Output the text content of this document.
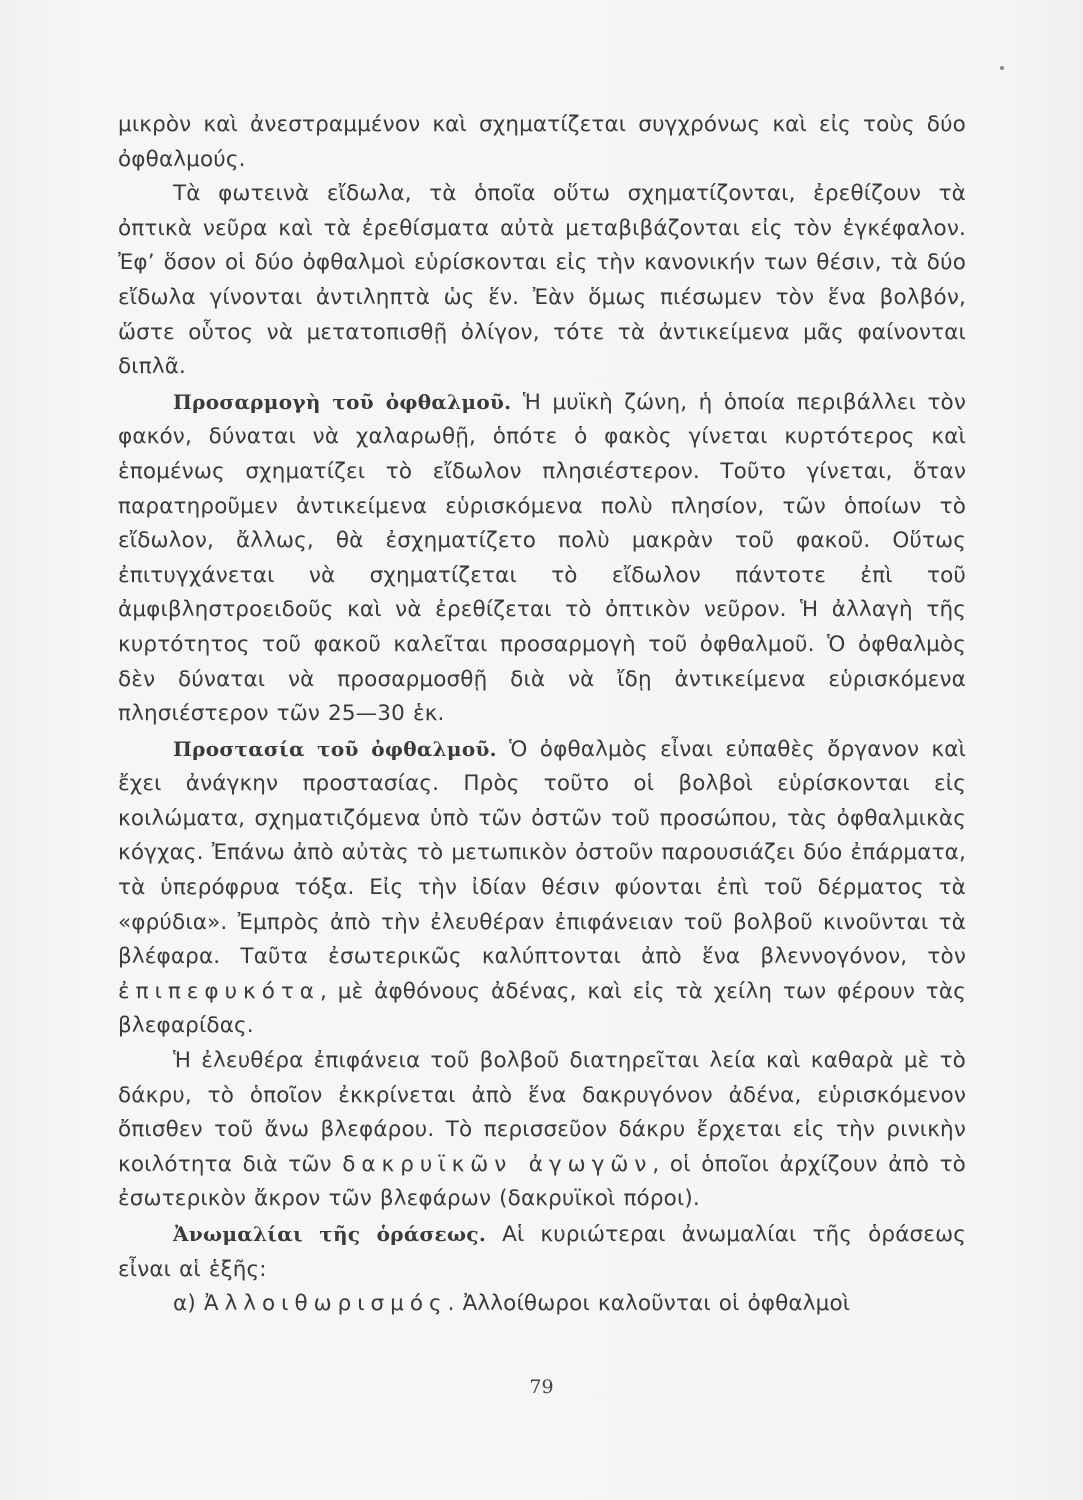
μικρὸν καὶ ἀνεστραμμένον καὶ σχηματίζεται συγχρόνως καὶ εἰς τοὺς δύο ὀφθαλμούς.

Τὰ φωτεινὰ εἴδωλα, τὰ ὁποῖα οὕτω σχηματίζονται, ἐρεθίζουν τὰ ὀπτικὰ νεῦρα καὶ τὰ ἐρεθίσματα αὐτὰ μεταβιβάζονται εἰς τὸν ἐγκέφαλον. Ἐφ’ ὅσον οἱ δύο ὀφθαλμοὶ εὑρίσκονται εἰς τὴν κανονικήν των θέσιν, τὰ δύο εἴδωλα γίνονται ἀντιληπτὰ ὡς ἕν. Ἐὰν ὅμως πιέσωμεν τὸν ἕνα βολβόν, ὥστε οὗτος νὰ μετατοπισθῇ ὀλίγον, τότε τὰ ἀντικείμενα μᾶς φαίνονται διπλᾶ.

Προσαρμογὴ τοῦ ὀφθαλμοῦ. Ἡ μυϊκὴ ζώνη, ἡ ὁποία περιβάλλει τὸν φακόν, δύναται νὰ χαλαρωθῇ, ὁπότε ὁ φακὸς γίνεται κυρτότερος καὶ ἑπομένως σχηματίζει τὸ εἴδωλον πλησιέστερον. Τοῦτο γίνεται, ὅταν παρατηροῦμεν ἀντικείμενα εὑρισκόμενα πολὺ πλησίον, τῶν ὁποίων τὸ εἴδωλον, ἄλλως, θὰ ἐσχηματίζετο πολὺ μακρὰν τοῦ φακοῦ. Οὕτως ἐπιτυγχάνεται νὰ σχηματίζεται τὸ εἴδωλον πάντοτε ἐπὶ τοῦ ἀμφιβληστροειδοῦς καὶ νὰ ἐρεθίζεται τὸ ὀπτικὸν νεῦρον. Ἡ ἀλλαγὴ τῆς κυρτότητος τοῦ φακοῦ καλεῖται προσαρμογὴ τοῦ ὀφθαλμοῦ. Ὁ ὀφθαλμὸς δὲν δύναται νὰ προσαρμοσθῇ διὰ νὰ ἴδῃ ἀντικείμενα εὑρισκόμενα πλησιέστερον τῶν 25—30 ἑκ.

Προστασία τοῦ ὀφθαλμοῦ. Ὁ ὀφθαλμὸς εἶναι εὐπαθὲς ὄργανον καὶ ἔχει ἀνάγκην προστασίας. Πρὸς τοῦτο οἱ βολβοὶ εὑρίσκονται εἰς κοιλώματα, σχηματιζόμενα ὑπὸ τῶν ὀστῶν τοῦ προσώπου, τὰς ὀφθαλμικὰς κόγχας. Ἐπάνω ἀπὸ αὐτὰς τὸ μετωπικὸν ὀστοῦν παρουσιάζει δύο ἐπάρματα, τὰ ὑπερόφρυα τόξα. Εἰς τὴν ἰδίαν θέσιν φύονται ἐπὶ τοῦ δέρματος τὰ «φρύδια». Ἐμπρὸς ἀπὸ τὴν ἐλευθέραν ἐπιφάνειαν τοῦ βολβοῦ κινοῦνται τὰ βλέφαρα. Ταῦτα ἐσωτερικῶς καλύπτονται ἀπὸ ἕνα βλεννογόνον, τὸν ἐπιπεφυκότα, μὲ ἀφθόνους ἀδένας, καὶ εἰς τὰ χείλη των φέρουν τὰς βλεφαρίδας.

Ἡ ἐλευθέρα ἐπιφάνεια τοῦ βολβοῦ διατηρεῖται λεία καὶ καθαρὰ μὲ τὸ δάκρυ, τὸ ὁποῖον ἐκκρίνεται ἀπὸ ἕνα δακρυγόνον ἀδένα, εὑρισκόμενον ὄπισθεν τοῦ ἄνω βλεφάρου. Τὸ περισσεῦον δάκρυ ἔρχεται εἰς τὴν ρινικὴν κοιλότητα διὰ τῶν δακρυϊκῶν ἀγωγῶν, οἱ ὁποῖοι ἀρχίζουν ἀπὸ τὸ ἐσωτερικὸν ἄκρον τῶν βλεφάρων (δακρυϊκοὶ πόροι).

Ἀνωμαλίαι τῆς ὁράσεως. Αἱ κυριώτεραι ἀνωμαλίαι τῆς ὁράσεως εἶναι αἱ ἑξῆς:

α) Ἀλλοιθωρισμός. Ἀλλοίθωροι καλοῦνται οἱ ὀφθαλμοὶ

79
